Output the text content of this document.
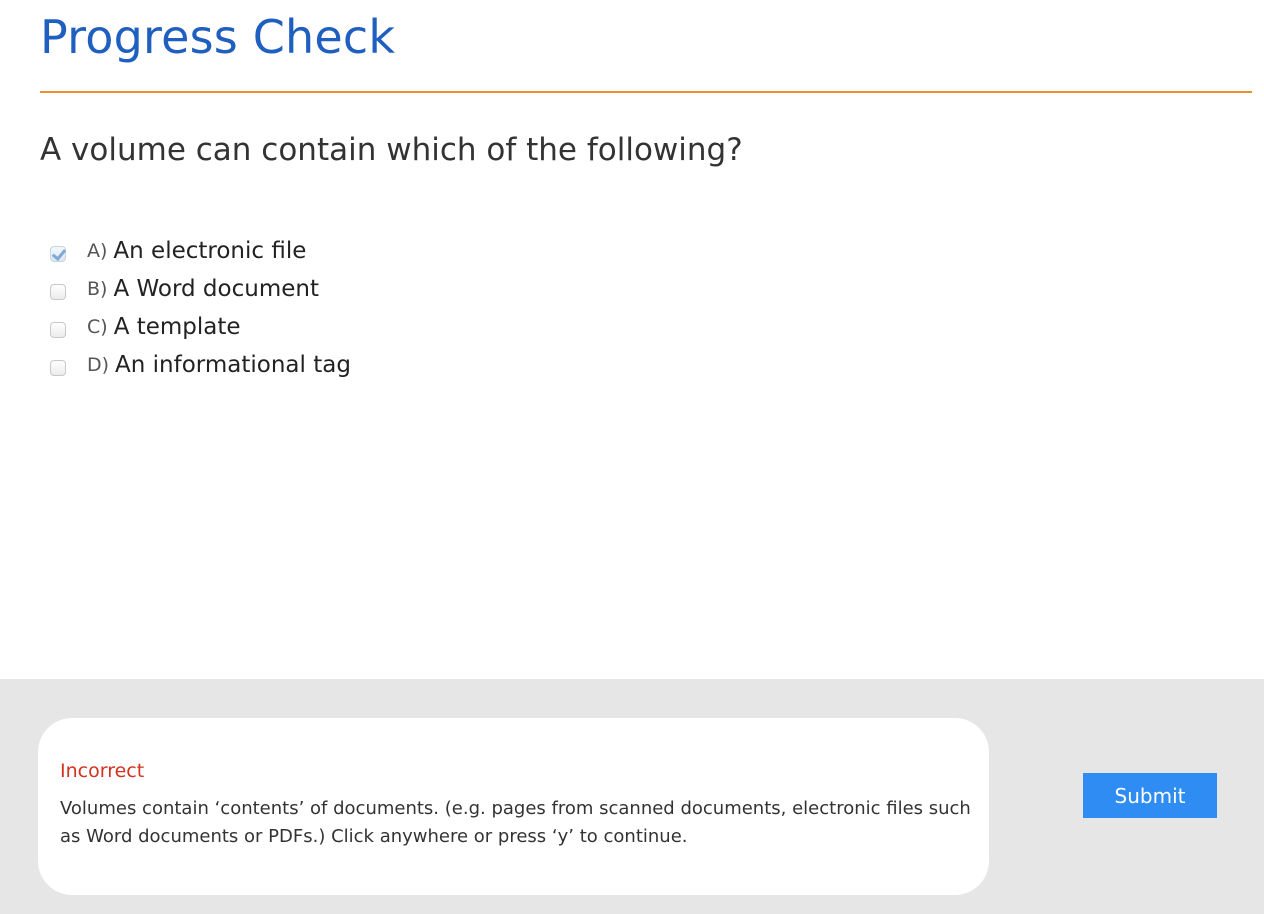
Progress Check
A volume can contain which of the following?
A) An electronic file
B) A Word document
C) A template
D) An informational tag
Incorrect
Volumes contain ‘contents’ of documents. (e.g. pages from scanned documents, electronic files such as Word documents or PDFs.) Click anywhere or press ‘y’ to continue.
Submit
